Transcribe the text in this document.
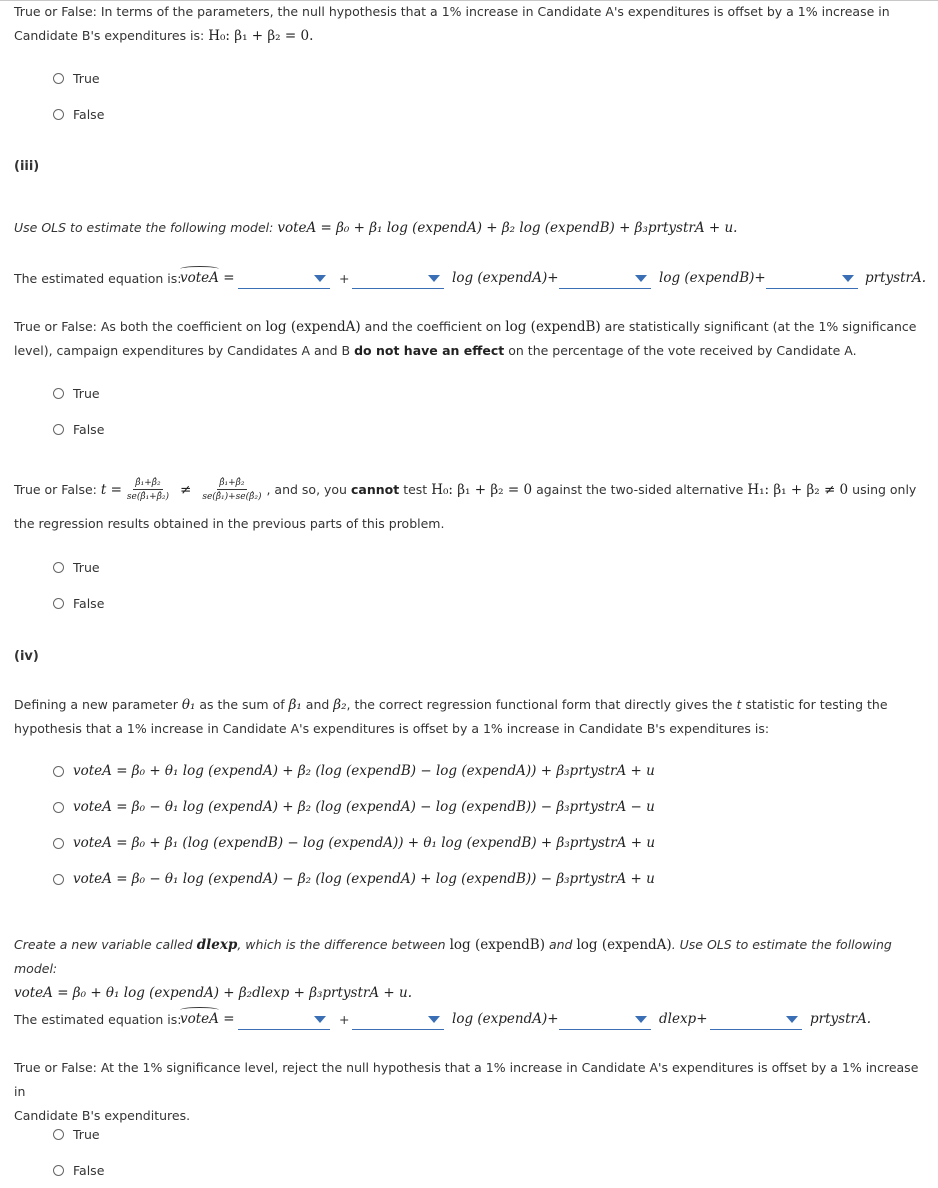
True or False: In terms of the parameters, the null hypothesis that a 1% increase in Candidate A's expenditures is offset by a 1% increase in
Candidate B's expenditures is: H₀: β₁ + β₂ = 0.
True
False
(iii)
Use OLS to estimate the following model: voteA = β₀ + β₁ log (expendA) + β₂ log (expendB) + β₃prtystrA + u.
The estimated equation is:
voteA =	+	log (expendA)+	log (expendB)+	prtystrA.
True or False: As both the coefficient on log (expendA) and the coefficient on log (expendB) are statistically significant (at the 1% significance
level), campaign expenditures by Candidates A and B do not have an effect on the percentage of the vote received by Candidate A.
True
False
True or False: $t = \frac{\text{β̂₁+β̂₂}}{\text{se(β̂₁+β̂₂)}} \ne \frac{\text{β̂₁+β̂₂}}{\text{se(β̂₁)+se(β̂₂)}}$ , and so, you cannot test H₀: β₁ + β₂ = 0 against the two-sided alternative H₁: β₁ + β₂ ≠ 0 using only
the regression results obtained in the previous parts of this problem.
True
False
(iv)
Defining a new parameter θ₁ as the sum of β₁ and β₂, the correct regression functional form that directly gives the t statistic for testing the
hypothesis that a 1% increase in Candidate A's expenditures is offset by a 1% increase in Candidate B's expenditures is:
voteA = β₀ + θ₁ log (expendA) + β₂ (log (expendB) − log (expendA)) + β₃prtystrA + u
voteA = β₀ − θ₁ log (expendA) + β₂ (log (expendA) − log (expendB)) − β₃prtystrA − u
voteA = β₀ + β₁ (log (expendB) − log (expendA)) + θ₁ log (expendB) + β₃prtystrA + u
voteA = β₀ − θ₁ log (expendA) − β₂ (log (expendA) + log (expendB)) − β₃prtystrA + u
Create a new variable called dlexp, which is the difference between log (expendB) and log (expendA). Use OLS to estimate the following model:
voteA = β₀ + θ₁ log (expendA) + β₂dlexp + β₃prtystrA + u.
The estimated equation is:
voteA =	+	log (expendA)+	dlexp+	prtystrA.
True or False: At the 1% significance level, reject the null hypothesis that a 1% increase in Candidate A's expenditures is offset by a 1% increase in
Candidate B's expenditures.
True
False
